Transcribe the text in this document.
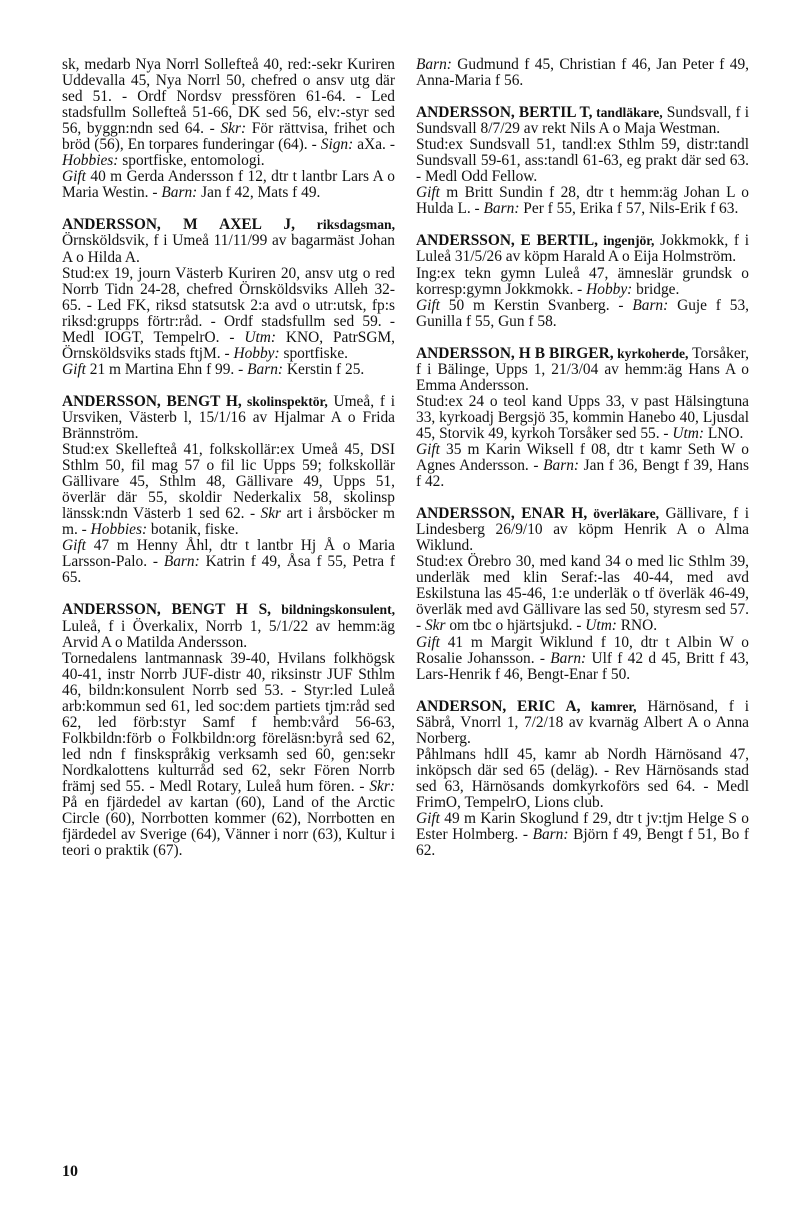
sk, medarb Nya Norrl Sollefteå 40, red:-sekr Kuriren Uddevalla 45, Nya Norrl 50, chefred o ansv utg där sed 51. - Ordf Nordsv pressfören 61-64. - Led stadsfullm Sollefteå 51-66, DK sed 56, elv:-styr sed 56, byggn:ndn sed 64. - Skr: För rättvisa, frihet och bröd (56), En torpares funderingar (64). - Sign: aXa. - Hobbies: sportfiske, entomologi.

Gift 40 m Gerda Andersson f 12, dtr t lantbr Lars A o Maria Westin. - Barn: Jan f 42, Mats f 49.

ANDERSSON, M AXEL J, riksdagsman, Örnsköldsvik, f i Umeå 11/11/99 av bagarmäst Johan A o Hilda A.

Stud:ex 19, journ Västerb Kuriren 20, ansv utg o red Norrb Tidn 24-28, chefred Örnsköldsviks Alleh 32-65. - Led FK, riksd statsutsk 2:a avd o utr:utsk, fp:s riksd:grupps förtr:råd. - Ordf stadsfullm sed 59. - Medl IOGT, TempelrO. - Utm: KNO, PatrSGM, Örnsköldsviks stads ftjM. - Hobby: sportfiske.

Gift 21 m Martina Ehn f 99. - Barn: Kerstin f 25.

ANDERSSON, BENGT H, skolinspektör, Umeå, f i Ursviken, Västerb l, 15/1/16 av Hjalmar A o Frida Brännström.

Stud:ex Skellefteå 41, folkskollär:ex Umeå 45, DSI Sthlm 50, fil mag 57 o fil lic Upps 59; folkskollär Gällivare 45, Sthlm 48, Gällivare 49, Upps 51, överlär där 55, skoldir Nederkalix 58, skolinsp länssk:ndn Västerb 1 sed 62. - Skr art i årsböcker m m. - Hobbies: botanik, fiske.

Gift 47 m Henny Åhl, dtr t lantbr Hj Å o Maria Larsson-Palo. - Barn: Katrin f 49, Åsa f 55, Petra f 65.

ANDERSSON, BENGT H S, bildningskonsulent, Luleå, f i Överkalix, Norrb 1, 5/1/22 av hemm:äg Arvid A o Matilda Andersson.

Tornedalens lantmannask 39-40, Hvilans folkhögsk 40-41, instr Norrb JUF-distr 40, riksinstr JUF Sthlm 46, bildn:konsulent Norrb sed 53. - Styr:led Luleå arb:kommun sed 61, led soc:dem partiets tjm:råd sed 62, led förb:styr Samf f hemb:vård 56-63, Folkbildn:förb o Folkbildn:org föreläsn:byrå sed 62, led ndn f finskspråkig verksamh sed 60, gen:sekr Nordkalottens kulturråd sed 62, sekr Fören Norrb främj sed 55. - Medl Rotary, Luleå hum fören. - Skr: På en fjärdedel av kartan (60), Land of the Arctic Circle (60), Norrbotten kommer (62), Norrbotten en fjärdedel av Sverige (64), Vänner i norr (63), Kultur i teori o praktik (67).

Barn: Gudmund f 45, Christian f 46, Jan Peter f 49, Anna-Maria f 56.

ANDERSSON, BERTIL T, tandläkare, Sundsvall, f i Sundsvall 8/7/29 av rekt Nils A o Maja Westman.

Stud:ex Sundsvall 51, tandl:ex Sthlm 59, distr:tandl Sundsvall 59-61, ass:tandl 61-63, eg prakt där sed 63. - Medl Odd Fellow.

Gift m Britt Sundin f 28, dtr t hemm:äg Johan L o Hulda L. - Barn: Per f 55, Erika f 57, Nils-Erik f 63.

ANDERSSON, E BERTIL, ingenjör, Jokkmokk, f i Luleå 31/5/26 av köpm Harald A o Eija Holmström.

Ing:ex tekn gymn Luleå 47, ämneslär grundsk o korresp:gymn Jokkmokk. - Hobby: bridge.

Gift 50 m Kerstin Svanberg. - Barn: Guje f 53, Gunilla f 55, Gun f 58.

ANDERSSON, H B BIRGER, kyrkoherde, Torsåker, f i Bälinge, Upps 1, 21/3/04 av hemm:äg Hans A o Emma Andersson.

Stud:ex 24 o teol kand Upps 33, v past Hälsingtuna 33, kyrkoadj Bergsjö 35, kommin Hanebo 40, Ljusdal 45, Storvik 49, kyrkoh Torsåker sed 55. - Utm: LNO.

Gift 35 m Karin Wiksell f 08, dtr t kamr Seth W o Agnes Andersson. - Barn: Jan f 36, Bengt f 39, Hans f 42.

ANDERSSON, ENAR H, överläkare, Gällivare, f i Lindesberg 26/9/10 av köpm Henrik A o Alma Wiklund.

Stud:ex Örebro 30, med kand 34 o med lic Sthlm 39, underläk med klin Seraf:-las 40-44, med avd Eskilstuna las 45-46, 1:e underläk o tf överläk 46-49, överläk med avd Gällivare las sed 50, styresm sed 57. - Skr om tbc o hjärtsjukd. - Utm: RNO.

Gift 41 m Margit Wiklund f 10, dtr t Albin W o Rosalie Johansson. - Barn: Ulf f 42 d 45, Britt f 43, Lars-Henrik f 46, Bengt-Enar f 50.

ANDERSON, ERIC A, kamrer, Härnösand, f i Säbrå, Vnorrl 1, 7/2/18 av kvarnäg Albert A o Anna Norberg.

Påhlmans hdlI 45, kamr ab Nordh Härnösand 47, inköpsch där sed 65 (deläg). - Rev Härnösands stad sed 63, Härnösands domkyrkoförs sed 64. - Medl FrimO, TempelrO, Lions club.

Gift 49 m Karin Skoglund f 29, dtr t jv:tjm Helge S o Ester Holmberg. - Barn: Björn f 49, Bengt f 51, Bo f 62.

10
